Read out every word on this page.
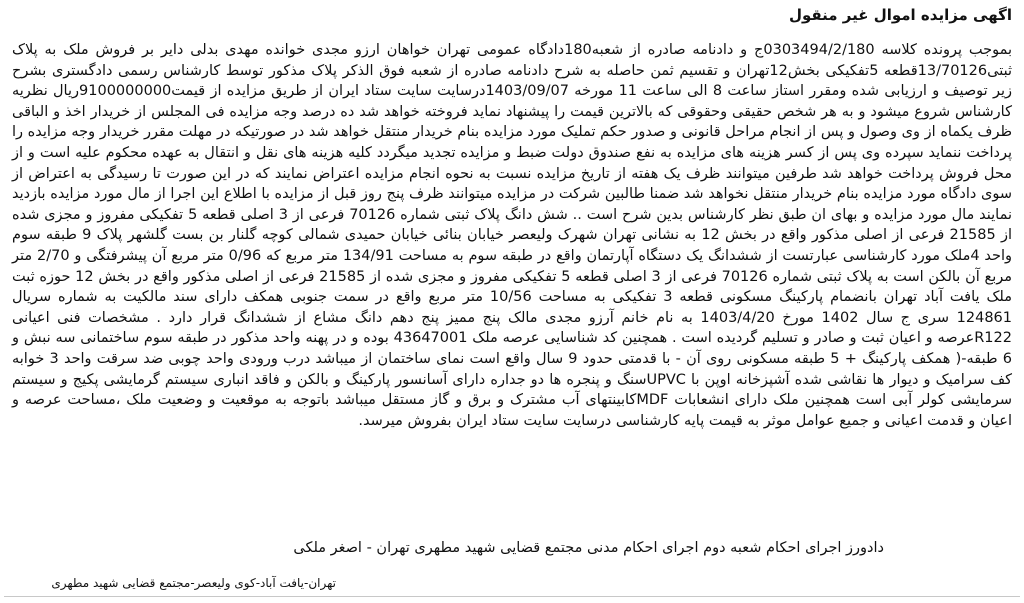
اگهی مزایده اموال غیر منقول

بموجب پرونده کلاسه 0303494/2/180ج و دادنامه صادره از شعبه180دادگاه عمومی تهران خواهان ارزو مجدی خوانده مهدی بدلی دایر بر فروش ملک به پلاک ثبتی13/70126قطعه 5تفکیکی بخش12تهران و تقسیم ثمن حاصله به شرح دادنامه صادره از شعبه فوق الذکر پلاک مذکور توسط کارشناس رسمی دادگستری بشرح زیر توصیف و ارزیابی شده ومقرر استاز ساعت 8 الی ساعت 11 مورخه 1403/09/07درسایت سایت ستاد ایران از طریق مزایده از قیمت9100000000ریال نظریه کارشناس شروع میشود و به هر شخص حقیقی وحقوقی که بالاترین قیمت را پیشنهاد نماید فروخته خواهد شد ده درصد وجه مزایده فی المجلس از خریدار اخذ و الباقی ظرف یکماه از وی وصول و پس از انجام مراحل قانونی و صدور حکم تملیک مورد مزایده بنام خریدار منتقل خواهد شد در صورتیکه در مهلت مقرر خریدار وجه مزایده را پرداخت ننماید سپرده وی پس از کسر هزینه های مزایده به نفع صندوق دولت ضبط و مزایده تجدید میگردد کلیه هزینه های نقل و انتقال به عهده محکوم علیه است و از محل فروش پرداخت خواهد شد طرفین میتوانند ظرف یک هفته از تاریخ مزایده نسبت به نحوه انجام مزایده اعتراض نمایند که در این صورت تا رسیدگی به اعتراض از سوی دادگاه مورد مزایده بنام خریدار منتقل نخواهد شد ضمنا طالبین شرکت در مزایده میتوانند ظرف پنج روز قبل از مزایده با اطلاع این اجرا از مال مورد مزایده بازدید نمایند مال مورد مزایده و بهای ان طبق نظر کارشناس بدین شرح است .. شش دانگ پلاک ثبتی شماره 70126 فرعی از 3 اصلی قطعه 5 تفکیکی مفروز و مجزی شده از 21585 فرعی از اصلی مذکور واقع در بخش 12 به نشانی تهران شهرک ولیعصر خیابان بنائی خیابان حمیدی شمالی کوچه گلنار بن بست گلشهر پلاک 9 طبقه سوم واحد 4ملک مورد کارشناسی عبارتست از ششدانگ یک دستگاه آپارتمان واقع در طبقه سوم به مساحت 134/91 متر مربع که 0/96 متر مربع آن پیشرفتگی و 2/70 متر مربع آن بالکن است به پلاک ثبتی شماره 70126 فرعی از 3 اصلی قطعه 5 تفکیکی مفروز و مجزی شده از 21585 فرعی از اصلی مذکور واقع در بخش 12 حوزه ثبت ملک یافت آباد تهران بانضمام پارکینگ مسکونی قطعه 3 تفکیکی به مساحت 10/56 متر مربع واقع در سمت جنوبی همکف دارای سند مالکیت به شماره سریال 124861 سری ج سال 1402 مورخ 1403/4/20 به نام خانم آرزو مجدی مالک پنج ممیز پنج دهم دانگ مشاع از ششدانگ قرار دارد . مشخصات فنی اعیانی R122عرصه و اعیان ثبت و صادر و تسلیم گردیده است . همچنین کد شناسایی عرصه ملک 43647001 بوده و در پهنه واحد مذکور در طبقه سوم ساختمانی سه نبش و 6 طبقه-( همکف پارکینگ + 5 طبقه مسکونی روی آن - با قدمتی حدود 9 سال واقع است نمای ساختمان از میباشد درب ورودی واحد چوبی ضد سرقت واحد 3 خوابه کف سرامیک و دیوار ها نقاشی شده آشپزخانه اوپن با UPVCسنگ و پنجره ها دو جداره دارای آسانسور پارکینگ و بالکن و فاقد انباری سیستم گرمایشی پکیج و سیستم سرمایشی کولر آبی است همچنین ملک دارای انشعابات MDFکابینتهای آب مشترک و برق و گاز مستقل میباشد باتوجه به موقعیت و وضعیت ملک ،مساحت عرصه و اعیان و قدمت اعیانی و جمیع عوامل موثر به قیمت پایه کارشناسی درسایت سایت ستاد ایران بفروش میرسد.

دادورز اجرای احکام شعبه دوم اجرای احکام مدنی مجتمع قضایی شهید مطهری تهران - اصغر ملکی
تهران-یافت آباد-کوی ولیعصر-مجتمع قضایی شهید مطهری
